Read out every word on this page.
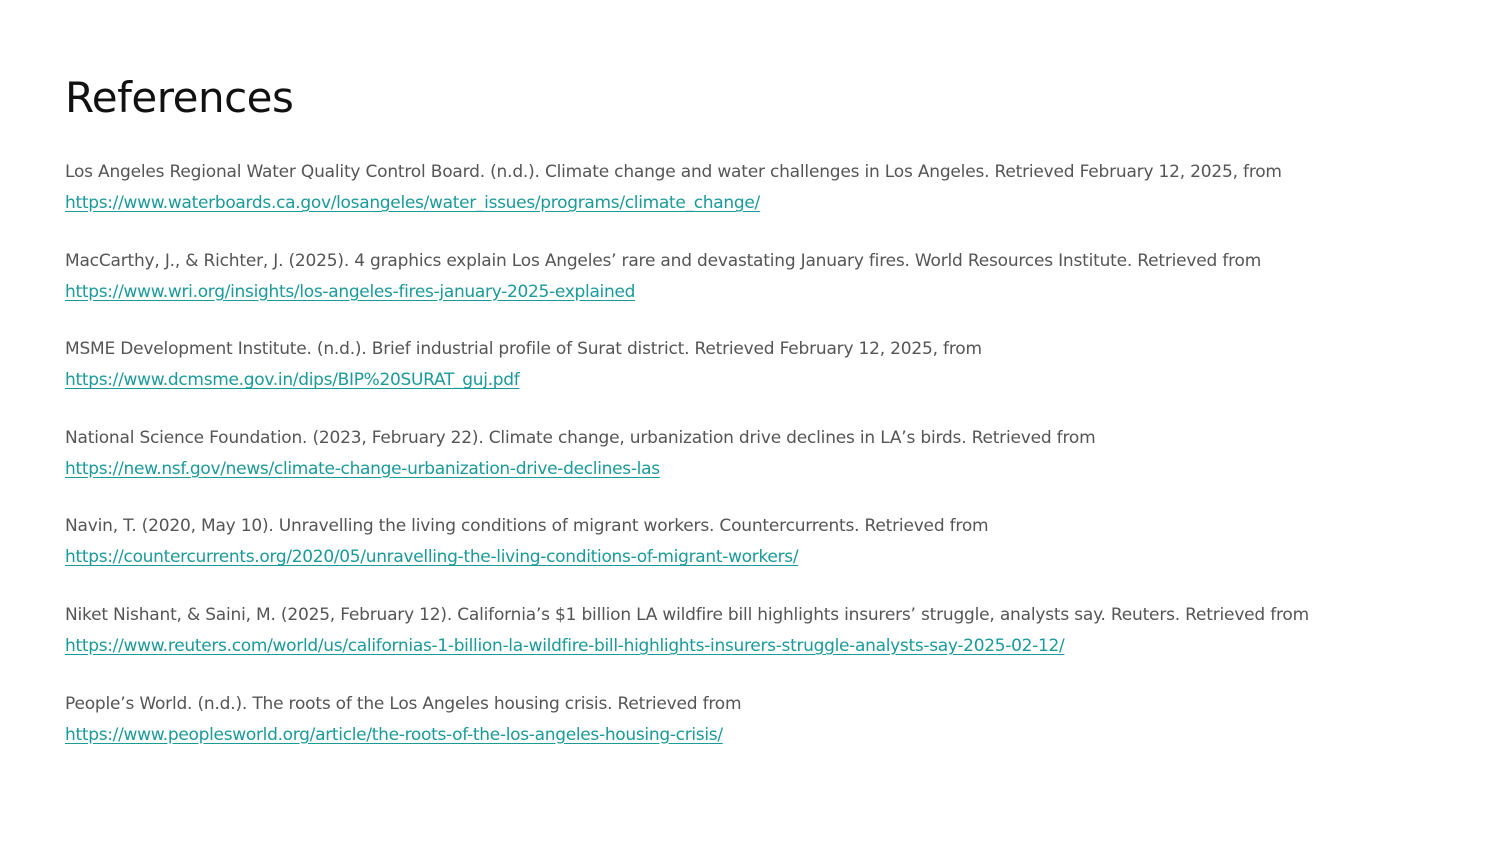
References
Los Angeles Regional Water Quality Control Board. (n.d.). Climate change and water challenges in Los Angeles. Retrieved February 12, 2025, from
https://www.waterboards.ca.gov/losangeles/water_issues/programs/climate_change/
MacCarthy, J., & Richter, J. (2025). 4 graphics explain Los Angeles’ rare and devastating January fires. World Resources Institute. Retrieved from
https://www.wri.org/insights/los-angeles-fires-january-2025-explained
MSME Development Institute. (n.d.). Brief industrial profile of Surat district. Retrieved February 12, 2025, from
https://www.dcmsme.gov.in/dips/BIP%20SURAT_guj.pdf
National Science Foundation. (2023, February 22). Climate change, urbanization drive declines in LA’s birds. Retrieved from
https://new.nsf.gov/news/climate-change-urbanization-drive-declines-las
Navin, T. (2020, May 10). Unravelling the living conditions of migrant workers. Countercurrents. Retrieved from
https://countercurrents.org/2020/05/unravelling-the-living-conditions-of-migrant-workers/
Niket Nishant, & Saini, M. (2025, February 12). California’s $1 billion LA wildfire bill highlights insurers’ struggle, analysts say. Reuters. Retrieved from
https://www.reuters.com/world/us/californias-1-billion-la-wildfire-bill-highlights-insurers-struggle-analysts-say-2025-02-12/
People’s World. (n.d.). The roots of the Los Angeles housing crisis. Retrieved from
https://www.peoplesworld.org/article/the-roots-of-the-los-angeles-housing-crisis/
